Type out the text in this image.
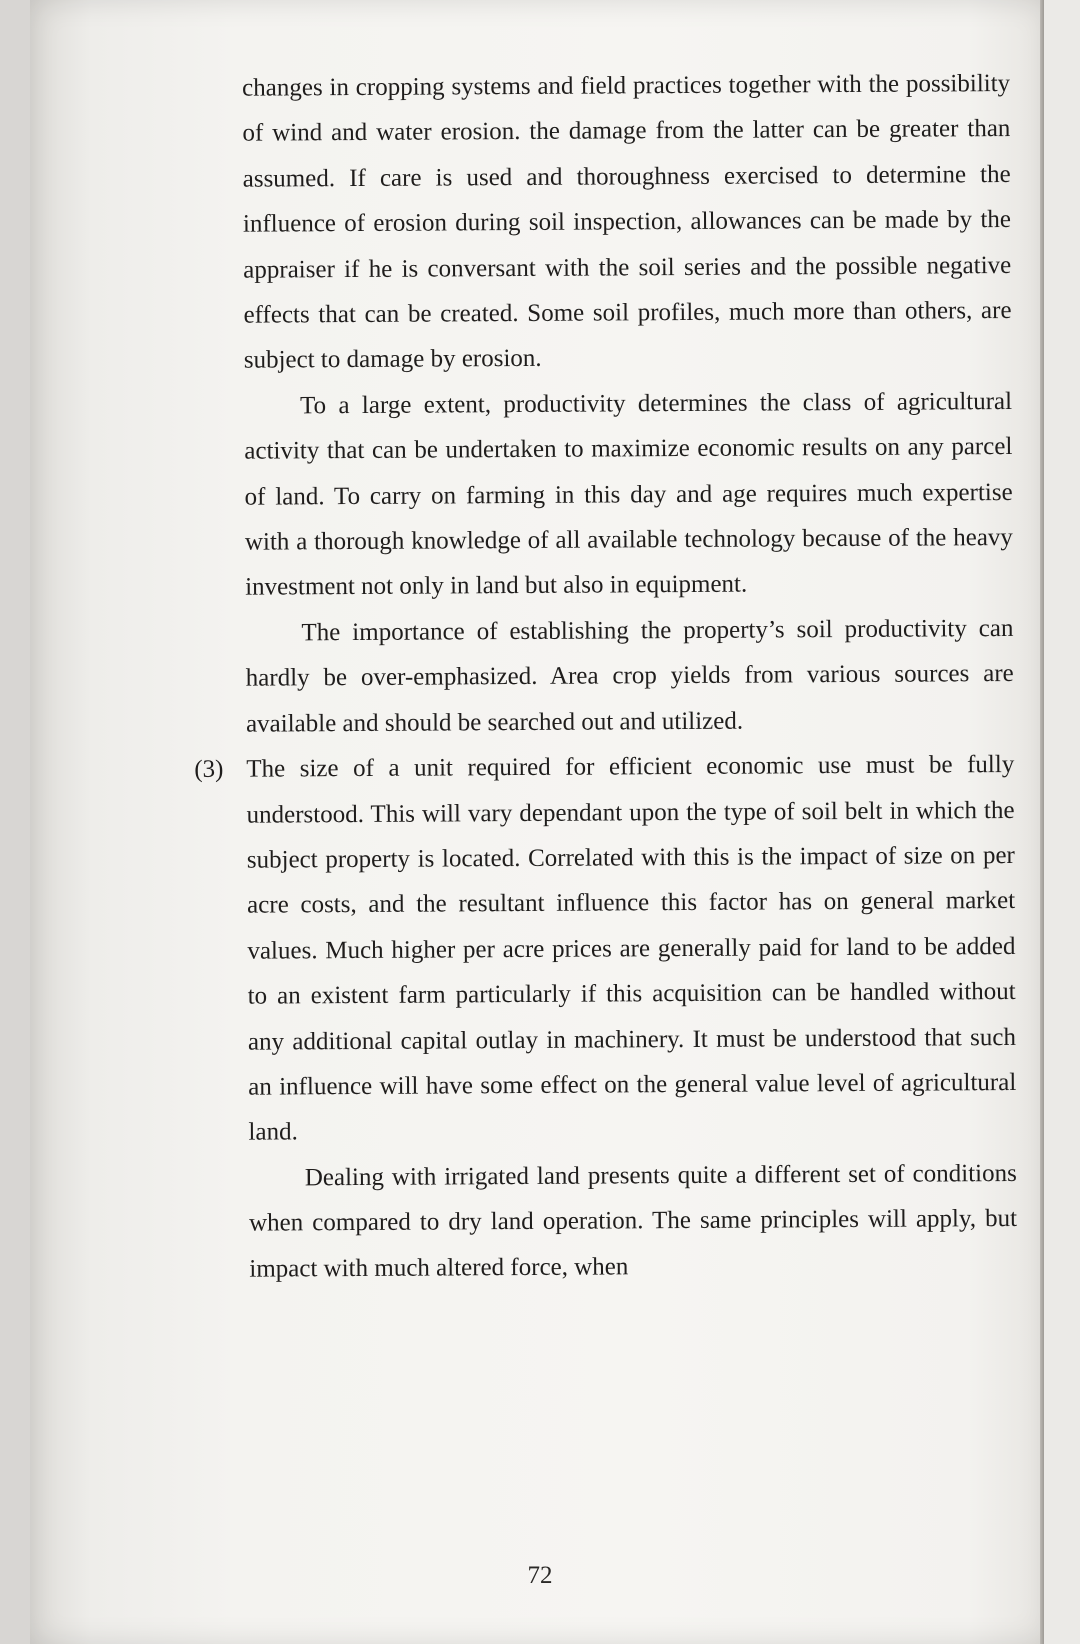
changes in cropping systems and field practices together with the possibility of wind and water erosion. the damage from the latter can be greater than assumed. If care is used and thoroughness exercised to determine the influence of erosion during soil inspection, allowances can be made by the appraiser if he is conversant with the soil series and the possible negative effects that can be created. Some soil profiles, much more than others, are subject to damage by erosion.

To a large extent, productivity determines the class of agricultural activity that can be undertaken to maximize economic results on any parcel of land. To carry on farming in this day and age requires much expertise with a thorough knowledge of all available technology because of the heavy investment not only in land but also in equipment.

The importance of establishing the property’s soil productivity can hardly be over-emphasized. Area crop yields from various sources are available and should be searched out and utilized.

(3) The size of a unit required for efficient economic use must be fully understood. This will vary dependant upon the type of soil belt in which the subject property is located. Correlated with this is the impact of size on per acre costs, and the resultant influence this factor has on general market values. Much higher per acre prices are generally paid for land to be added to an existent farm particularly if this acquisition can be handled without any additional capital outlay in machinery. It must be understood that such an influence will have some effect on the general value level of agricultural land.

Dealing with irrigated land presents quite a different set of conditions when compared to dry land operation. The same principles will apply, but impact with much altered force, when

72
